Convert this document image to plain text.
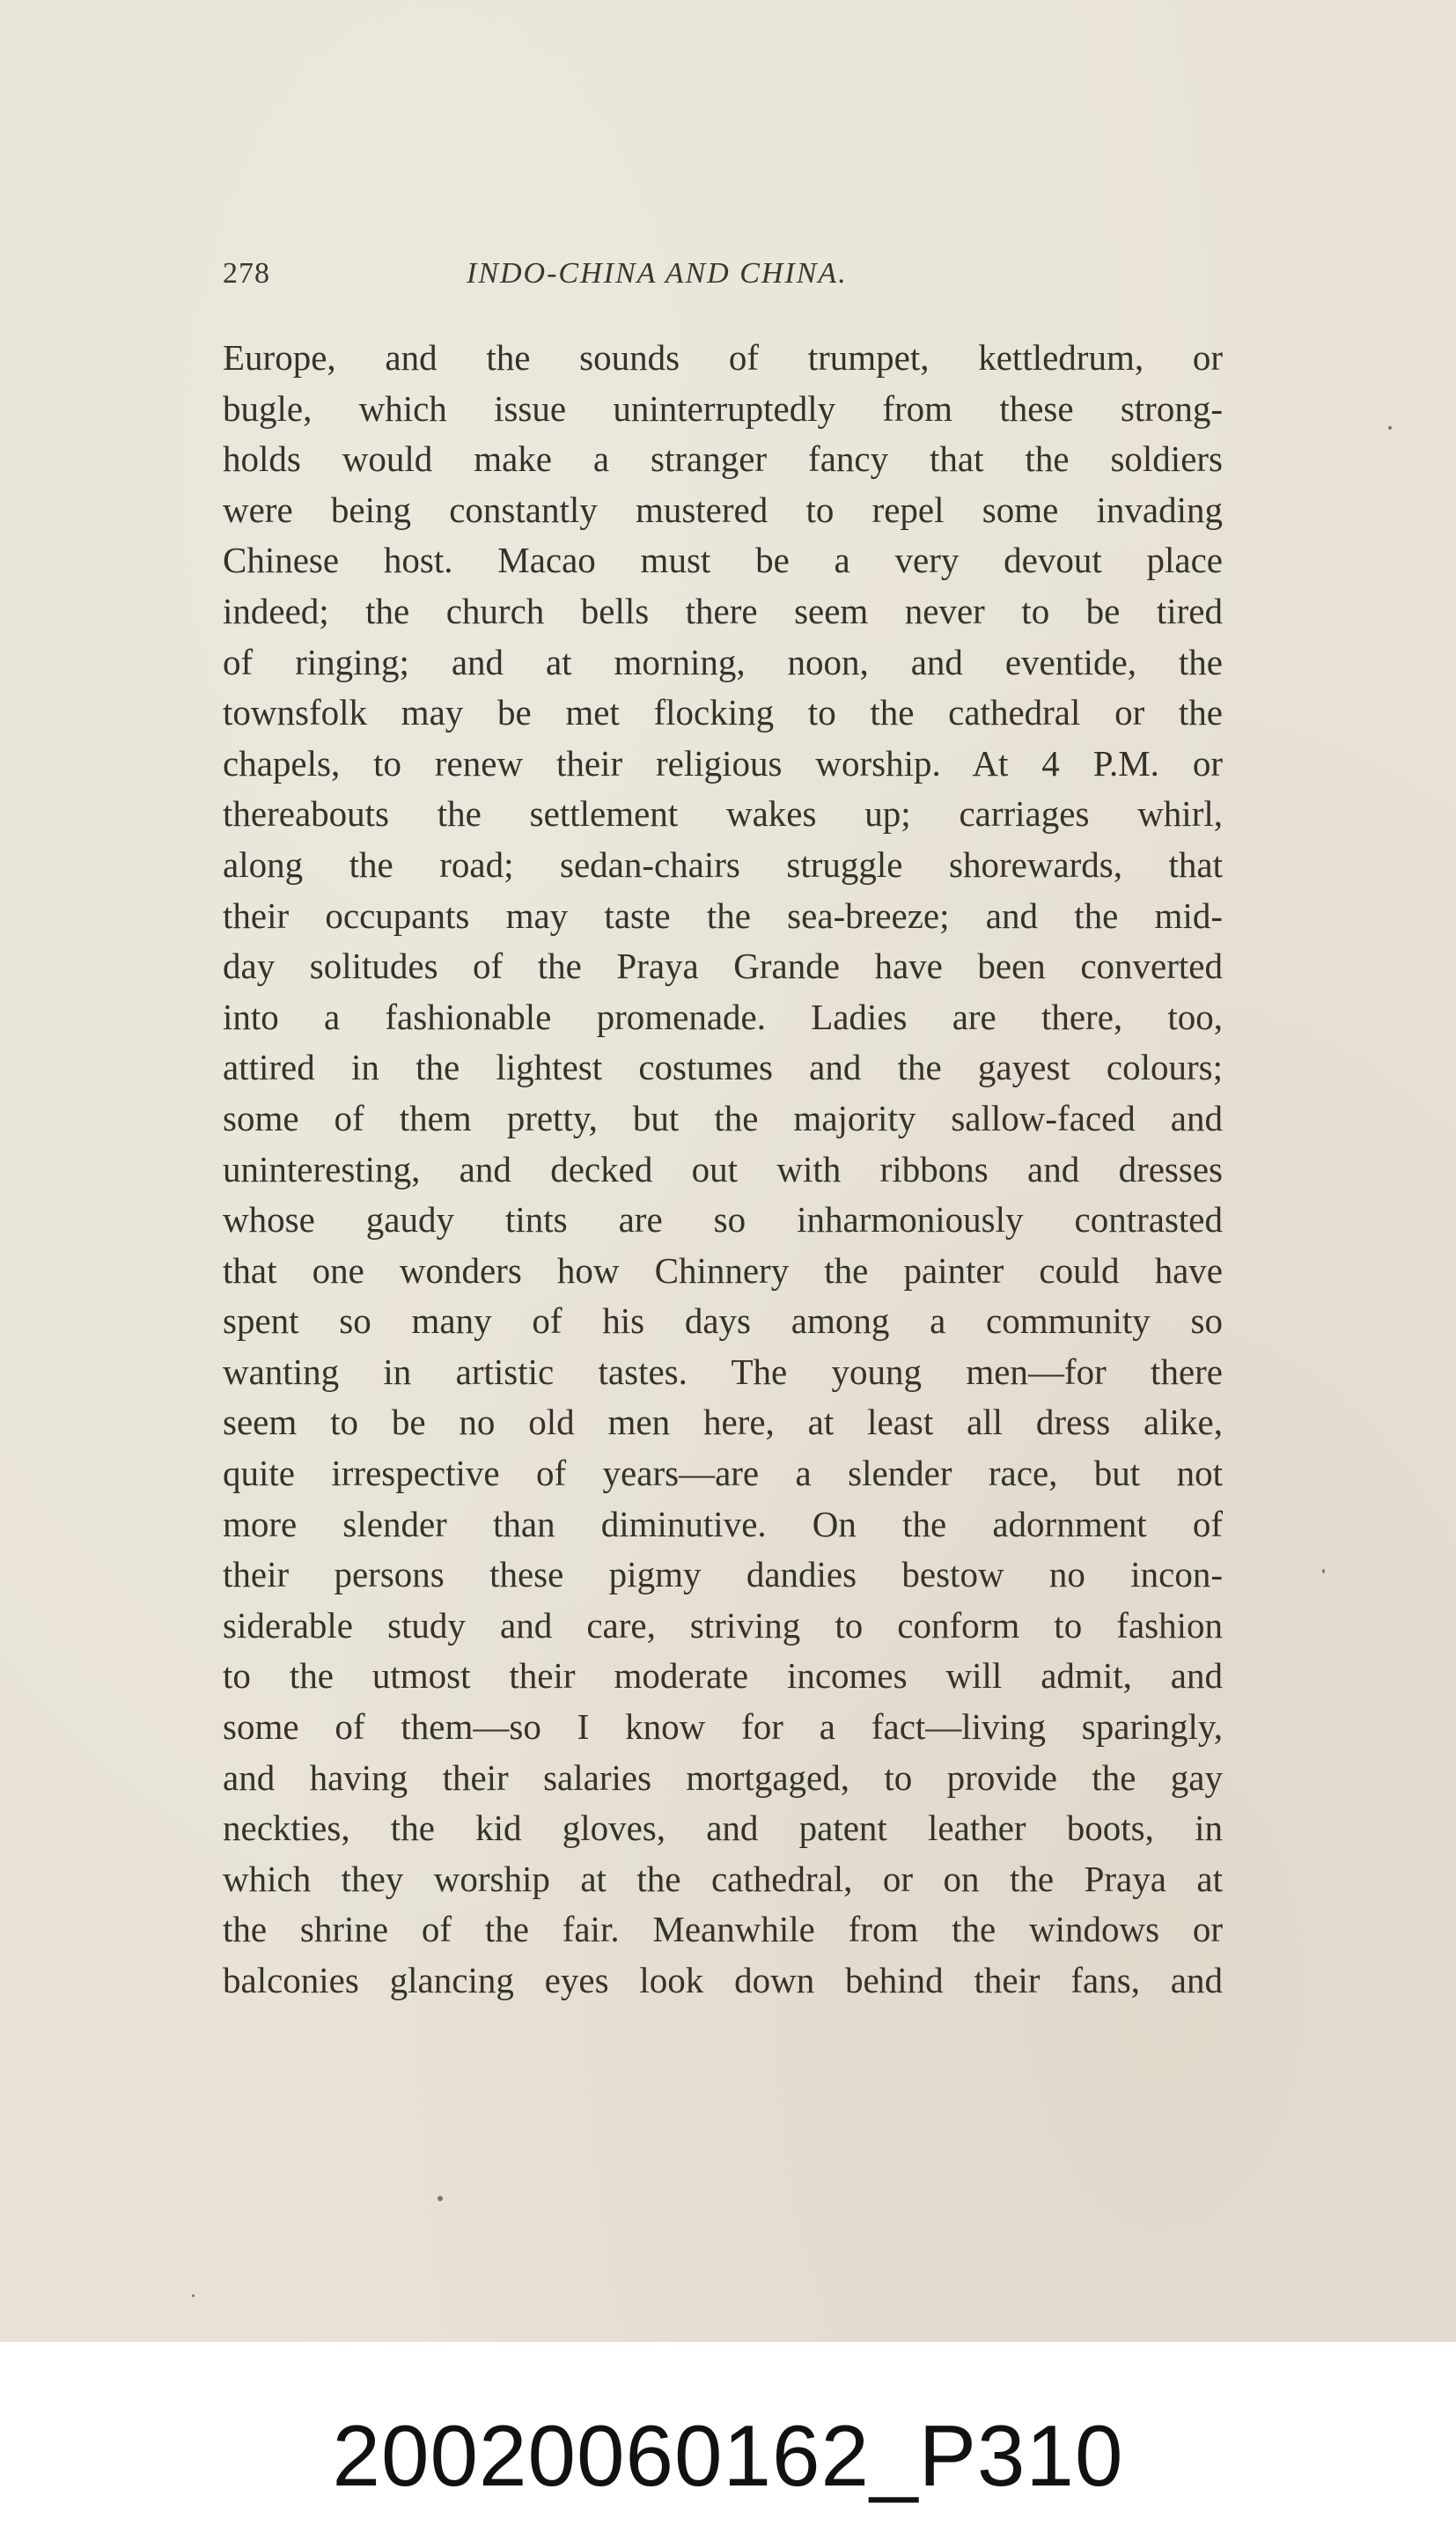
278	INDO-CHINA AND CHINA.
Europe, and the sounds of trumpet, kettledrum, or
bugle, which issue uninterruptedly from these strong-
holds would make a stranger fancy that the soldiers
were being constantly mustered to repel some invading
Chinese host. Macao must be a very devout place
indeed; the church bells there seem never to be tired
of ringing; and at morning, noon, and eventide, the
townsfolk may be met flocking to the cathedral or the
chapels, to renew their religious worship. At 4 P.M. or
thereabouts the settlement wakes up; carriages whirl,
along the road; sedan-chairs struggle shorewards, that
their occupants may taste the sea-breeze; and the mid-
day solitudes of the Praya Grande have been converted
into a fashionable promenade. Ladies are there, too,
attired in the lightest costumes and the gayest colours;
some of them pretty, but the majority sallow-faced and
uninteresting, and decked out with ribbons and dresses
whose gaudy tints are so inharmoniously contrasted
that one wonders how Chinnery the painter could have
spent so many of his days among a community so
wanting in artistic tastes. The young men—for there
seem to be no old men here, at least all dress alike,
quite irrespective of years—are a slender race, but not
more slender than diminutive. On the adornment of
their persons these pigmy dandies bestow no incon-
siderable study and care, striving to conform to fashion
to the utmost their moderate incomes will admit, and
some of them—so I know for a fact—living sparingly,
and having their salaries mortgaged, to provide the gay
neckties, the kid gloves, and patent leather boots, in
which they worship at the cathedral, or on the Praya at
the shrine of the fair. Meanwhile from the windows or
balconies glancing eyes look down behind their fans, and
20020060162_P310
